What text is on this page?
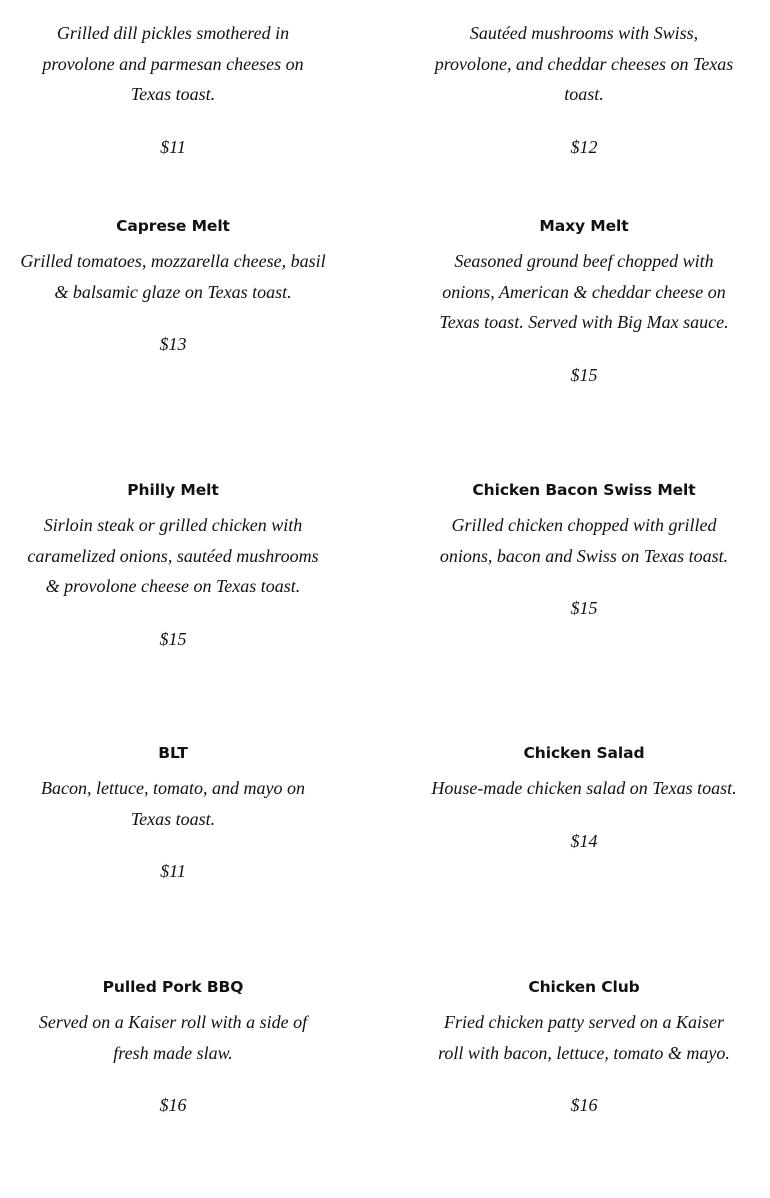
Grilled dill pickles smothered in provolone and parmesan cheeses on Texas toast.

$11

Sautéed mushrooms with Swiss, provolone, and cheddar cheeses on Texas toast.

$12

Caprese Melt

Grilled tomatoes, mozzarella cheese, basil & balsamic glaze on Texas toast.

$13

Maxy Melt

Seasoned ground beef chopped with onions, American & cheddar cheese on Texas toast. Served with Big Max sauce.

$15

Philly Melt

Sirloin steak or grilled chicken with caramelized onions, sautéed mushrooms & provolone cheese on Texas toast.

$15

Chicken Bacon Swiss Melt

Grilled chicken chopped with grilled onions, bacon and Swiss on Texas toast.

$15

BLT

Bacon, lettuce, tomato, and mayo on Texas toast.

$11

Chicken Salad

House-made chicken salad on Texas toast.

$14

Pulled Pork BBQ

Served on a Kaiser roll with a side of fresh made slaw.

$16

Chicken Club

Fried chicken patty served on a Kaiser roll with bacon, lettuce, tomato & mayo.

$16
